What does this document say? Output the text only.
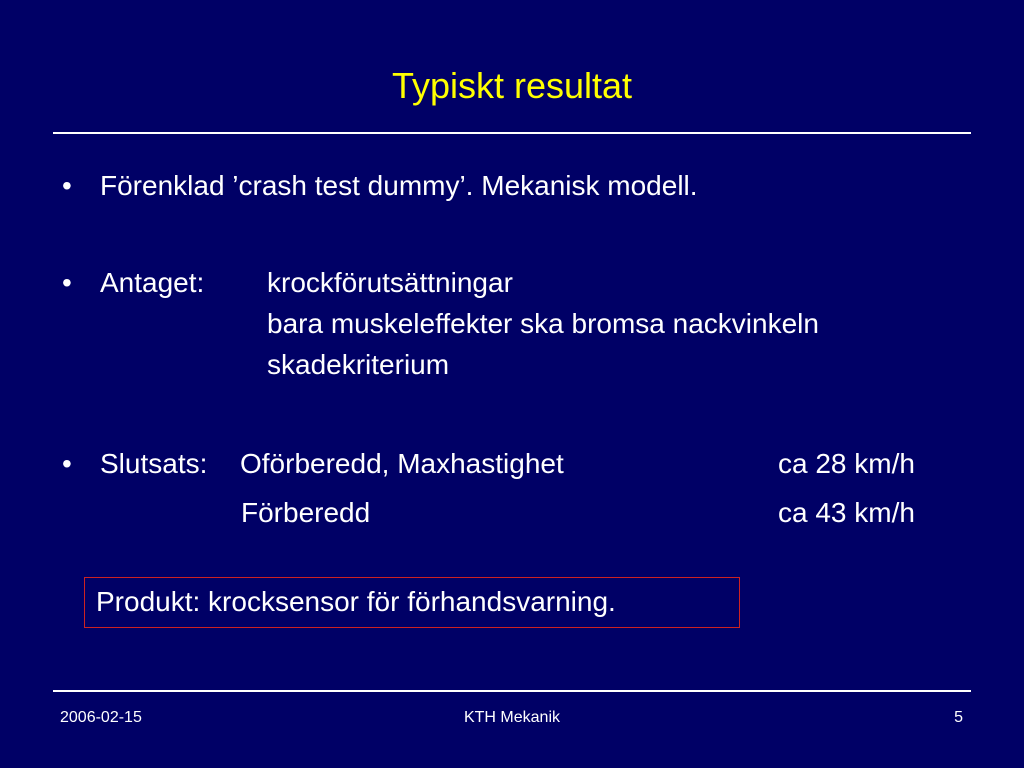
Typiskt resultat
• Förenklad ’crash test dummy’. Mekanisk modell.
• Antaget: krockförutsättningar
bara muskeleffekter ska bromsa nackvinkeln
skadekriterium
• Slutsats: Oförberedd, Maxhastighet	ca 28 km/h
Förberedd	ca 43 km/h
Produkt: krocksensor för förhandsvarning.
2006-02-15	KTH Mekanik	5
